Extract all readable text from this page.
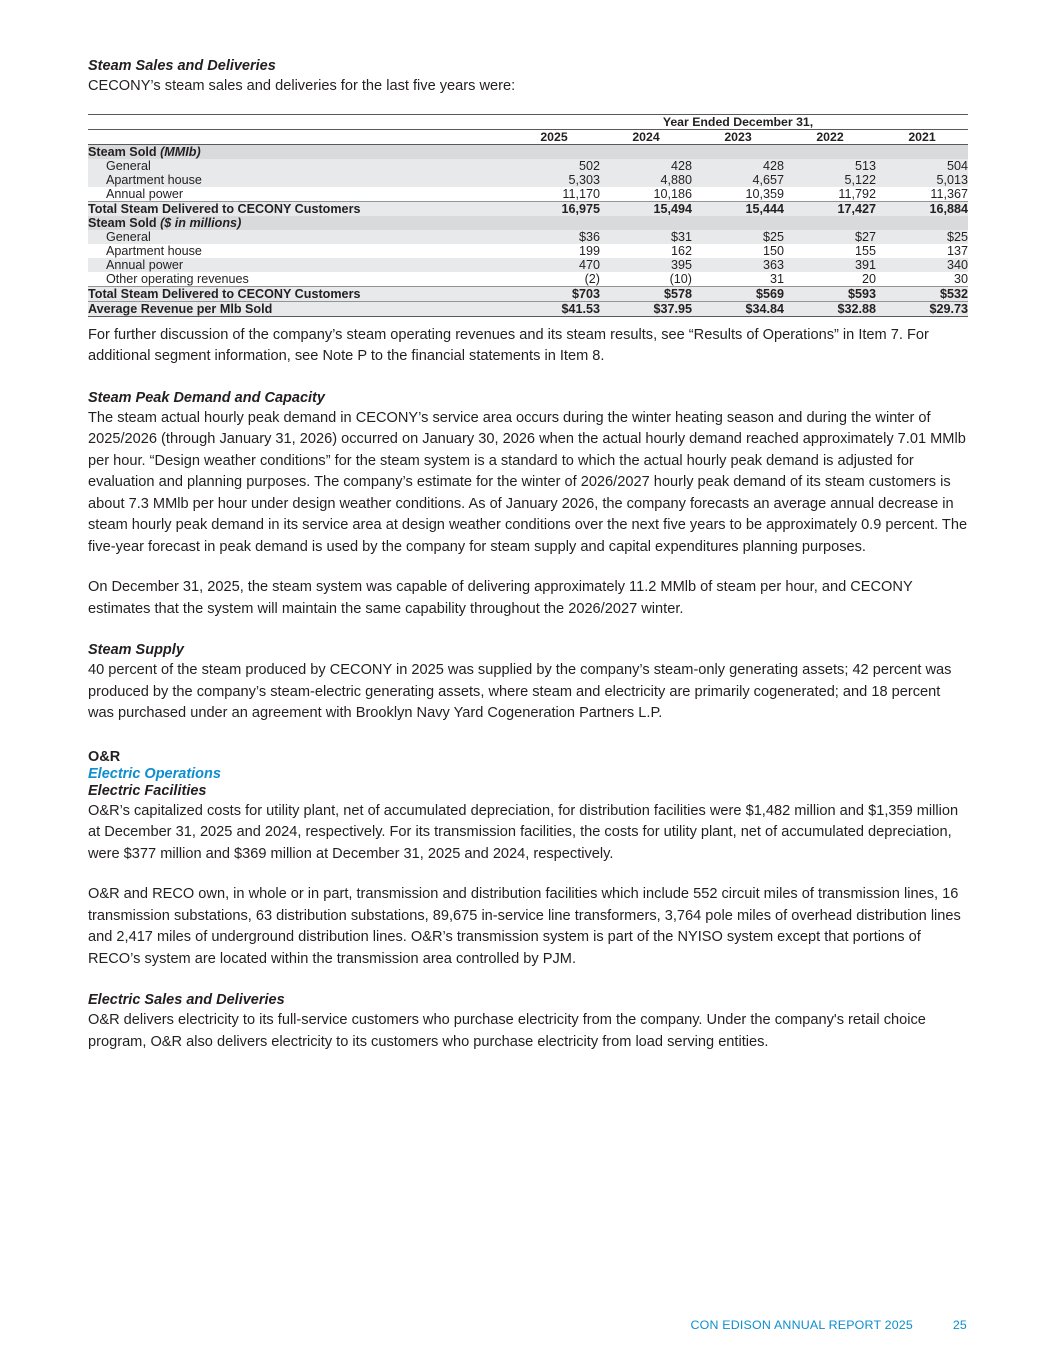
Steam Sales and Deliveries

CECONY’s steam sales and deliveries for the last five years were:

	Year Ended December 31,				
	2025	2024	2023	2022	2021
Steam Sold (MMIb)					
General	502	428	428	513	504
Apartment house	5,303	4,880	4,657	5,122	5,013
Annual power	11,170	10,186	10,359	11,792	11,367
Total Steam Delivered to CECONY Customers	16,975	15,494	15,444	17,427	16,884
Steam Sold ($ in millions)					
General	$36	$31	$25	$27	$25
Apartment house	199	162	150	155	137
Annual power	470	395	363	391	340
Other operating revenues	(2)	(10)	31	20	30
Total Steam Delivered to CECONY Customers	$703	$578	$569	$593	$532
Average Revenue per Mlb Sold	$41.53	$37.95	$34.84	$32.88	$29.73

For further discussion of the company’s steam operating revenues and its steam results, see “Results of Operations” in Item 7. For additional segment information, see Note P to the financial statements in Item 8.

Steam Peak Demand and Capacity

The steam actual hourly peak demand in CECONY’s service area occurs during the winter heating season and during the winter of 2025/2026 (through January 31, 2026) occurred on January 30, 2026 when the actual hourly demand reached approximately 7.01 MMlb per hour. “Design weather conditions” for the steam system is a standard to which the actual hourly peak demand is adjusted for evaluation and planning purposes. The company’s estimate for the winter of 2026/2027 hourly peak demand of its steam customers is about 7.3 MMlb per hour under design weather conditions. As of January 2026, the company forecasts an average annual decrease in steam hourly peak demand in its service area at design weather conditions over the next five years to be approximately 0.9 percent. The five-year forecast in peak demand is used by the company for steam supply and capital expenditures planning purposes.

On December 31, 2025, the steam system was capable of delivering approximately 11.2 MMlb of steam per hour, and CECONY estimates that the system will maintain the same capability throughout the 2026/2027 winter.

Steam Supply

40 percent of the steam produced by CECONY in 2025 was supplied by the company’s steam-only generating assets; 42 percent was produced by the company’s steam-electric generating assets, where steam and electricity are primarily cogenerated; and 18 percent was purchased under an agreement with Brooklyn Navy Yard Cogeneration Partners L.P.

O&R
Electric Operations
Electric Facilities

O&R’s capitalized costs for utility plant, net of accumulated depreciation, for distribution facilities were $1,482 million and $1,359 million at December 31, 2025 and 2024, respectively. For its transmission facilities, the costs for utility plant, net of accumulated depreciation, were $377 million and $369 million at December 31, 2025 and 2024, respectively.

O&R and RECO own, in whole or in part, transmission and distribution facilities which include 552 circuit miles of transmission lines, 16 transmission substations, 63 distribution substations, 89,675 in-service line transformers, 3,764 pole miles of overhead distribution lines and 2,417 miles of underground distribution lines. O&R’s transmission system is part of the NYISO system except that portions of RECO’s system are located within the transmission area controlled by PJM.

Electric Sales and Deliveries

O&R delivers electricity to its full-service customers who purchase electricity from the company. Under the company's retail choice program, O&R also delivers electricity to its customers who purchase electricity from load serving entities.

CON EDISON ANNUAL REPORT 2025	25
